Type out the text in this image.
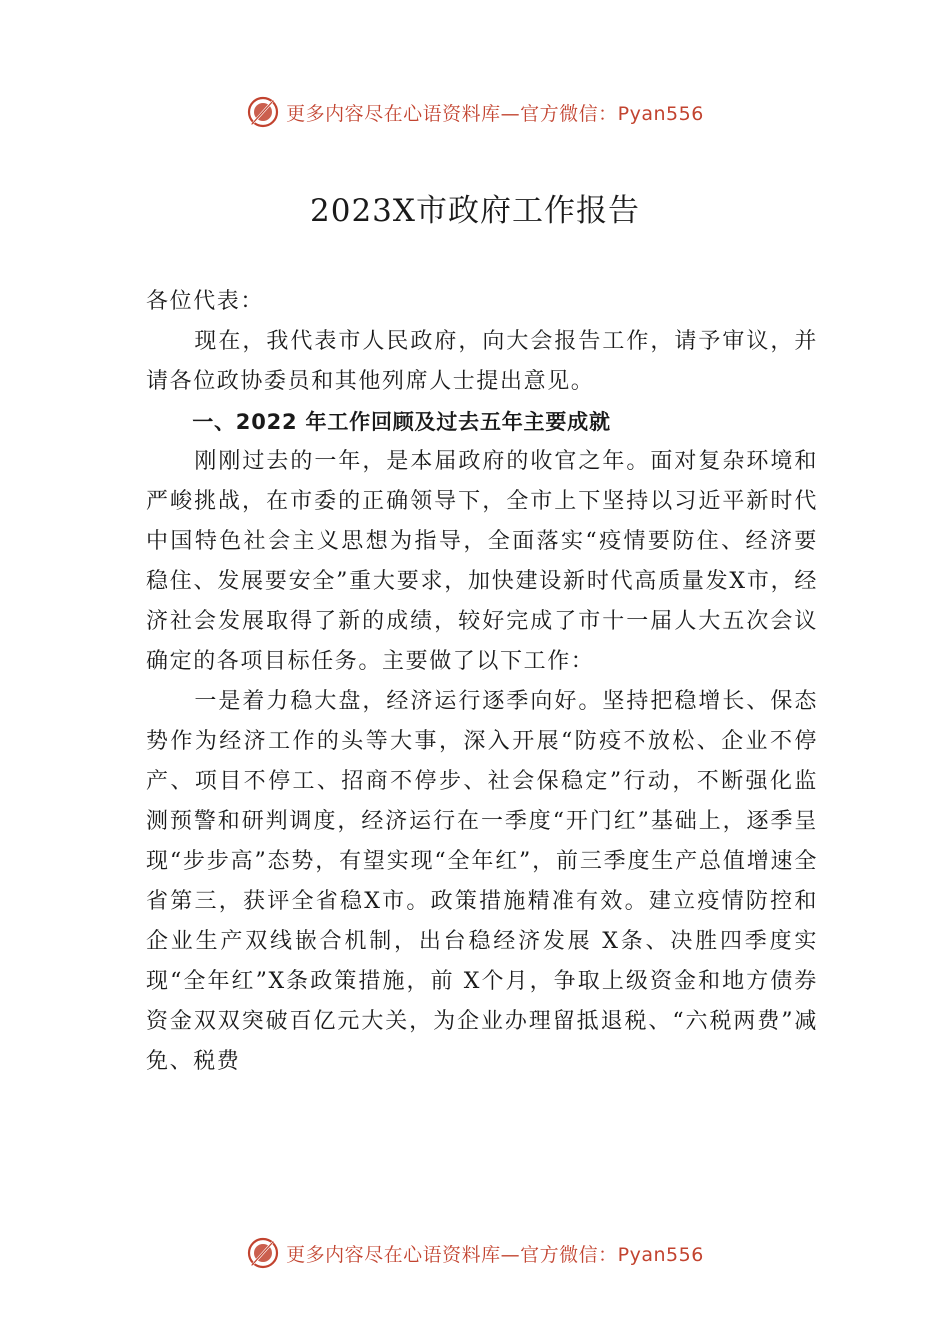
更多内容尽在心语资料库—官方微信：Pyan556
2023X市政府工作报告

各位代表：

现在，我代表市人民政府，向大会报告工作，请予审议，并请各位政协委员和其他列席人士提出意见。

一、2022 年工作回顾及过去五年主要成就

刚刚过去的一年，是本届政府的收官之年。面对复杂环境和严峻挑战，在市委的正确领导下，全市上下坚持以习近平新时代中国特色社会主义思想为指导，全面落实“疫情要防住、经济要稳住、发展要安全”重大要求，加快建设新时代高质量发X市，经济社会发展取得了新的成绩，较好完成了市十一届人大五次会议确定的各项目标任务。主要做了以下工作：

一是着力稳大盘，经济运行逐季向好。坚持把稳增长、保态势作为经济工作的头等大事，深入开展“防疫不放松、企业不停产、项目不停工、招商不停步、社会保稳定”行动，不断强化监测预警和研判调度，经济运行在一季度“开门红”基础上，逐季呈现“步步高”态势，有望实现“全年红”，前三季度生产总值增速全省第三，获评全省稳X市。政策措施精准有效。建立疫情防控和企业生产双线嵌合机制，出台稳经济发展 X条、决胜四季度实现“全年红”X条政策措施，前 X个月，争取上级资金和地方债券资金双双突破百亿元大关，为企业办理留抵退税、“六税两费”减免、税费

更多内容尽在心语资料库—官方微信：Pyan556
